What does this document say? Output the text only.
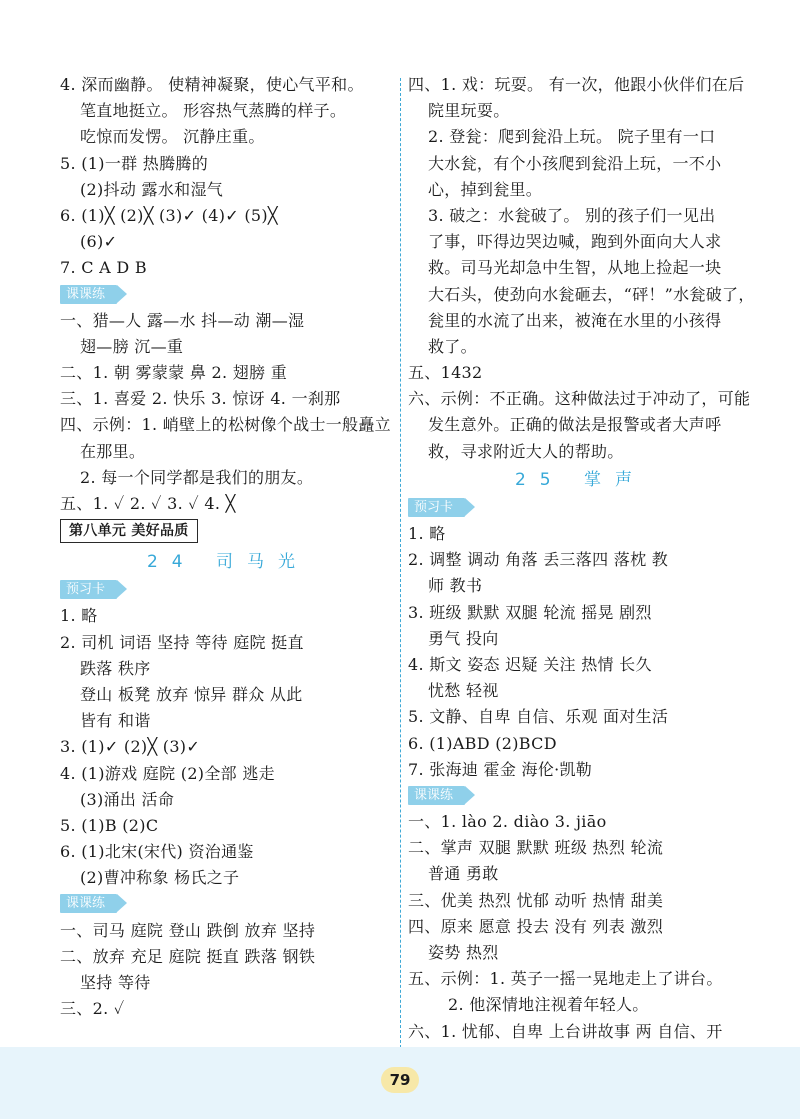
4. 深而幽静。 使精神凝聚，使心气平和。
笔直地挺立。 形容热气蒸腾的样子。
吃惊而发愣。 沉静庄重。
5. (1)一群 热腾腾的
(2)抖动 露水和湿气
6. (1)╳ (2)╳ (3)✓ (4)✓ (5)╳
(6)✓
7. C A D B
课课练
一、猎—人 露—水 抖—动 潮—湿
翅—膀 沉—重
二、1. 朝 雾蒙蒙 鼻 2. 翅膀 重
三、1. 喜爱 2. 快乐 3. 惊讶 4. 一刹那
四、示例：1. 峭壁上的松树像个战士一般矗立
在那里。
2. 每一个同学都是我们的朋友。
五、1. ✓ 2. ✓ 3. ✓ 4. ╳
第八单元 美好品质
24 司马光
预习卡
1. 略
2. 司机 词语 坚持 等待 庭院 挺直
跌落 秩序
登山 板凳 放弃 惊异 群众 从此
皆有 和谐
3. (1)✓ (2)╳ (3)✓
4. (1)游戏 庭院 (2)全部 逃走
(3)涌出 活命
5. (1)B (2)C
6. (1)北宋(宋代) 资治通鉴
(2)曹冲称象 杨氏之子
课课练
一、司马 庭院 登山 跌倒 放弃 坚持
二、放弃 充足 庭院 挺直 跌落 钢铁
坚持 等待
三、2. ✓
四、1. 戏：玩耍。 有一次，他跟小伙伴们在后
院里玩耍。
2. 登瓮：爬到瓮沿上玩。 院子里有一口
大水瓮，有个小孩爬到瓮沿上玩，一不小
心，掉到瓮里。
3. 破之：水瓮破了。 别的孩子们一见出
了事，吓得边哭边喊，跑到外面向大人求
救。司马光却急中生智，从地上捡起一块
大石头，使劲向水瓮砸去，“砰！”水瓮破了，
瓮里的水流了出来，被淹在水里的小孩得
救了。
五、1432
六、示例：不正确。这种做法过于冲动了，可能
发生意外。正确的做法是报警或者大声呼
救，寻求附近大人的帮助。
25 掌声
预习卡
1. 略
2. 调整 调动 角落 丢三落四 落枕 教
师 教书
3. 班级 默默 双腿 轮流 摇晃 剧烈
勇气 投向
4. 斯文 姿态 迟疑 关注 热情 长久
忧愁 轻视
5. 文静、自卑 自信、乐观 面对生活
6. (1)ABD (2)BCD
7. 张海迪 霍金 海伦·凯勒
课课练
一、1. lào 2. diào 3. jiāo
二、掌声 双腿 默默 班级 热烈 轮流
普通 勇敢
三、优美 热烈 忧郁 动听 热情 甜美
四、原来 愿意 投去 没有 列表 激烈
姿势 热烈
五、示例：1. 英子一摇一晃地走上了讲台。
2. 他深情地注视着年轻人。
六、1. 忧郁、自卑 上台讲故事 两 自信、开
79
